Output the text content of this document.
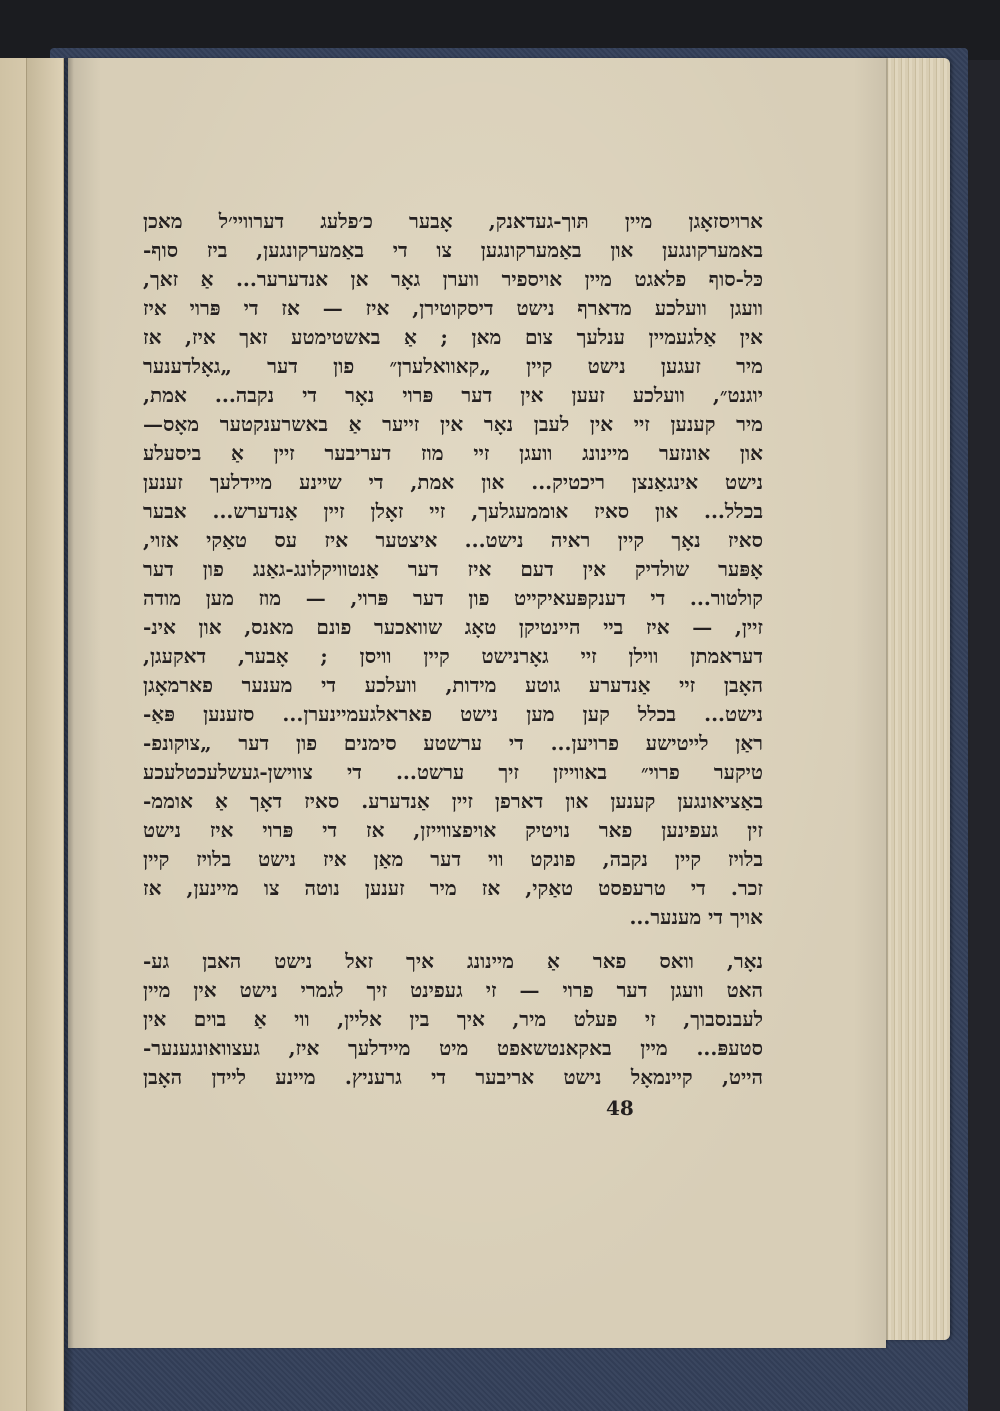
ארויסזאָגן מיין תּוך-געדאנק, אָבער כ׳פלעג דערוויי׳ל מאכן
באמערקונגען און באַמערקונגען צו די באַמערקונגען, ביז סוף-
כּל-סוף פלאגט מיין אויספיר ווערן גאָר אן אנדערער... אַ זאך,
וועגן וועלכע מדארף נישט דיסקוטירן, איז — אז די פּרוי איז
אין אַלגעמיין ענלעך צום מאן ; אַ באשטימטע זאך איז, אז
מיר זעגען נישט קיין „קאוואלערן״ פון דער „גאָלדענער
יוגנט״, וועלכע זעען אין דער פּרוי נאָר די נקבה... אמת,
מיר קענען זיי אין לעבן נאָר אין זייער אַ באשרענקטער מאָס—
און אונזער מיינונג וועגן זיי מוז דעריבער זיין אַ ביסעלע
נישט אינגאַנצן ריכטיק... און אמת, די שיינע מיידלעך זענען
בכלל... און סאיז אוממעגלעך, זיי זאָלן זיין אַנדערש... אבער
סאיז נאָך קיין ראיה נישט... איצטער איז עס טאַקי אזוי,
אָפּער שולדיק אין דעם איז דער אַנטוויקלונג-גאַנג פון דער
קולטור... די דענקפּעאיקייט פון דער פּרוי, — מוז מען מודה
זיין, — איז ביי היינטיקן טאָג שוואכער פונם מאנס, און אינ-
דעראמתן ווילן זיי גאָרנישט קיין וויסן ; אָבער, דאקעגן,
האָבן זיי אַנדערע גוטע מידות, וועלכע די מענער פארמאָגן
נישט... בכלל קען מען נישט פאראלגעמיינערן... סזענען פּאַ-
ראַן לייטישע פרויען... די ערשטע סימנים פון דער „צוקונפ-
טיקער פרוי״ באווייזן זיך ערשט... די צווישן-געשלעכטלעכע
באַציאונגען קענען און דארפן זיין אַנדערע. סאיז דאָך אַ אוממ-
זין געפינען פאר נויטיק אויפצווייזן, אז די פּרוי איז נישט
בלויז קיין נקבה, פונקט ווי דער מאַן איז נישט בלויז קיין
זכר. די טרעפסט טאַקי, אז מיר זענען נוטה צו מיינען, אז
אויך די מענער...
נאָר, וואס פאר אַ מיינונג איך זאל נישט האבן גע-
האט וועגן דער פרוי — זי געפינט זיך לגמרי נישט אין מיין
לעבנסבוך, זי פעלט מיר, איך בין אליין, ווי אַ בוים אין
סטעפּ... מיין באקאנטשאפט מיט מיידלעך איז, געצוואונגענער-
הייט, קיינמאָל נישט אריבער די גרעניץ. מיינע ליידן האָבן
48
